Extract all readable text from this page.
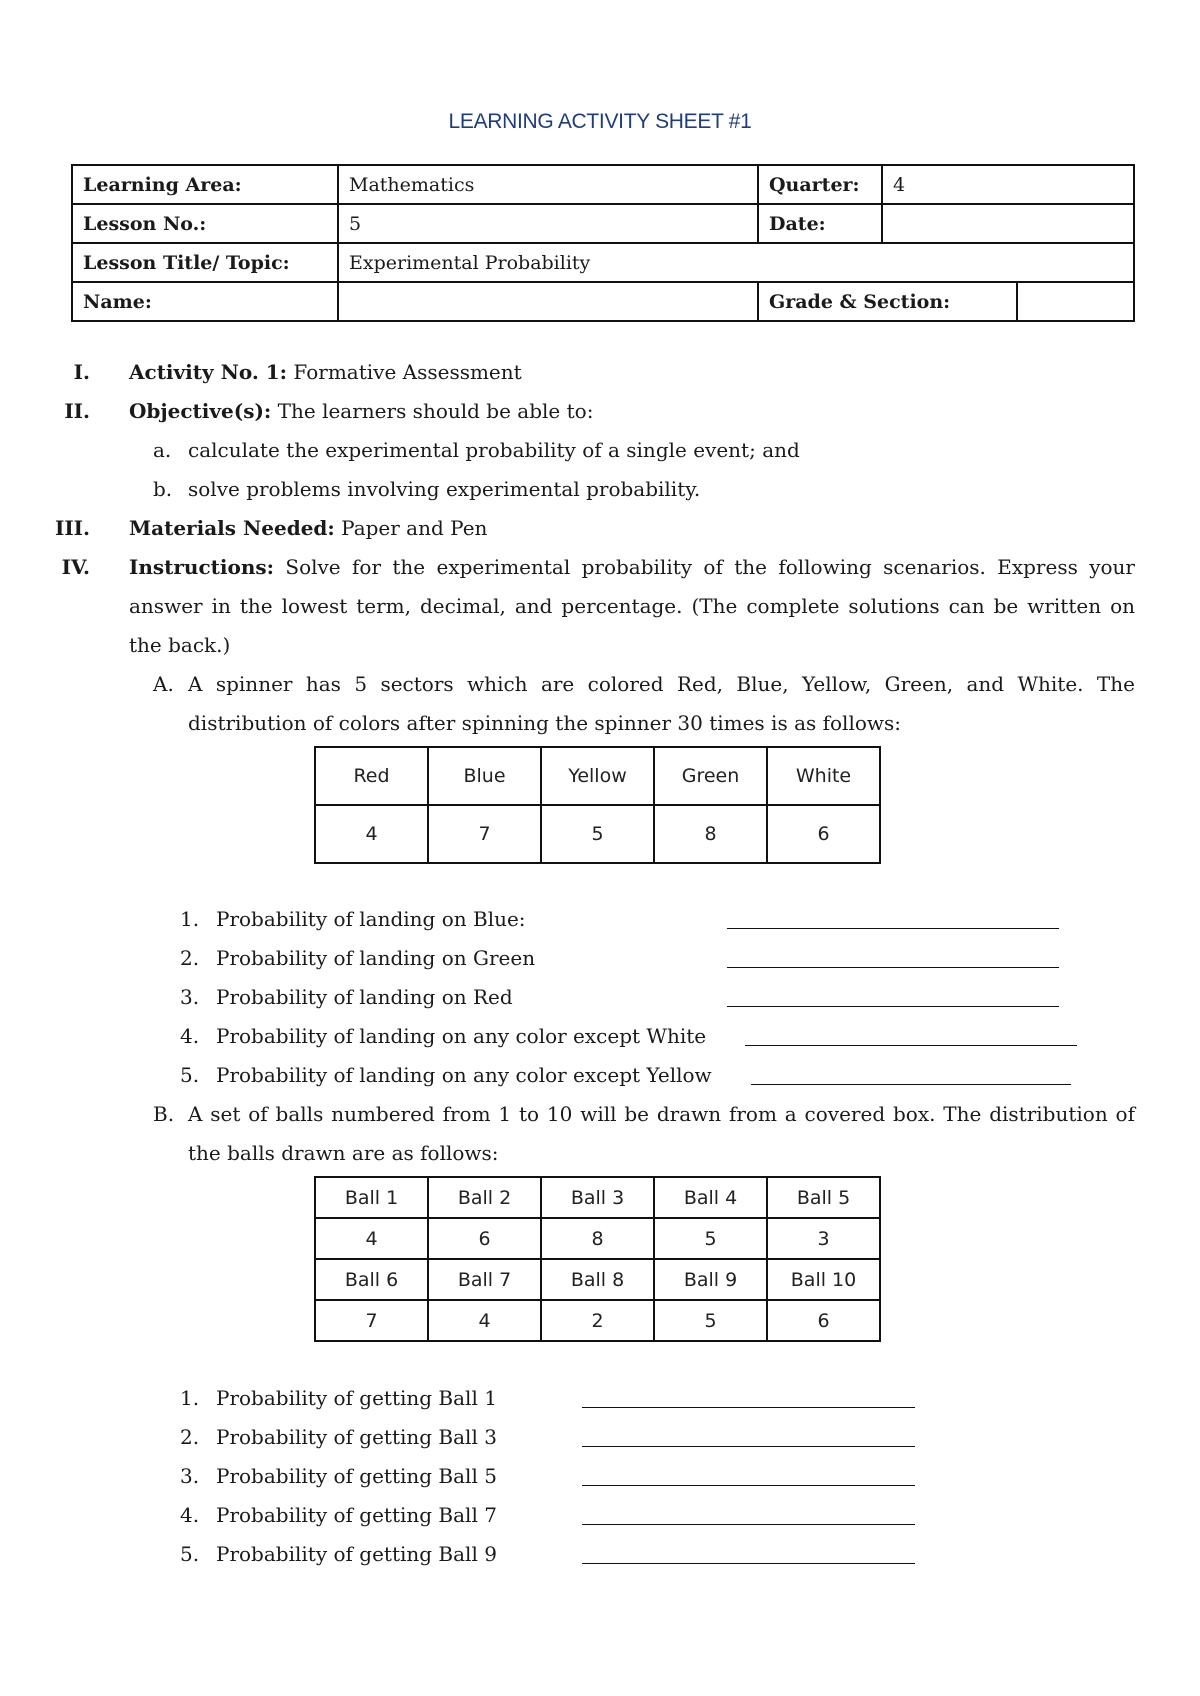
LEARNING ACTIVITY SHEET #1
Learning Area:	Mathematics	Quarter:	4	
Lesson No.:	5	Date:		
Lesson Title/ Topic:	Experimental Probability			
Name:		Grade & Section:		
I. Activity No. 1: Formative Assessment
II. Objective(s): The learners should be able to:
a. calculate the experimental probability of a single event; and
b. solve problems involving experimental probability.
III. Materials Needed: Paper and Pen
IV. Instructions: Solve for the experimental probability of the following scenarios. Express your answer in the lowest term, decimal, and percentage. (The complete solutions can be written on the back.)
A. A spinner has 5 sectors which are colored Red, Blue, Yellow, Green, and White. The distribution of colors after spinning the spinner 30 times is as follows:
Red	Blue	Yellow	Green	White
4	7	5	8	6
1. Probability of landing on Blue:
2. Probability of landing on Green
3. Probability of landing on Red
4. Probability of landing on any color except White
5. Probability of landing on any color except Yellow
B. A set of balls numbered from 1 to 10 will be drawn from a covered box. The distribution of the balls drawn are as follows:
Ball 1	Ball 2	Ball 3	Ball 4	Ball 5
4	6	8	5	3
Ball 6	Ball 7	Ball 8	Ball 9	Ball 10
7	4	2	5	6
1. Probability of getting Ball 1
2. Probability of getting Ball 3
3. Probability of getting Ball 5
4. Probability of getting Ball 7
5. Probability of getting Ball 9
